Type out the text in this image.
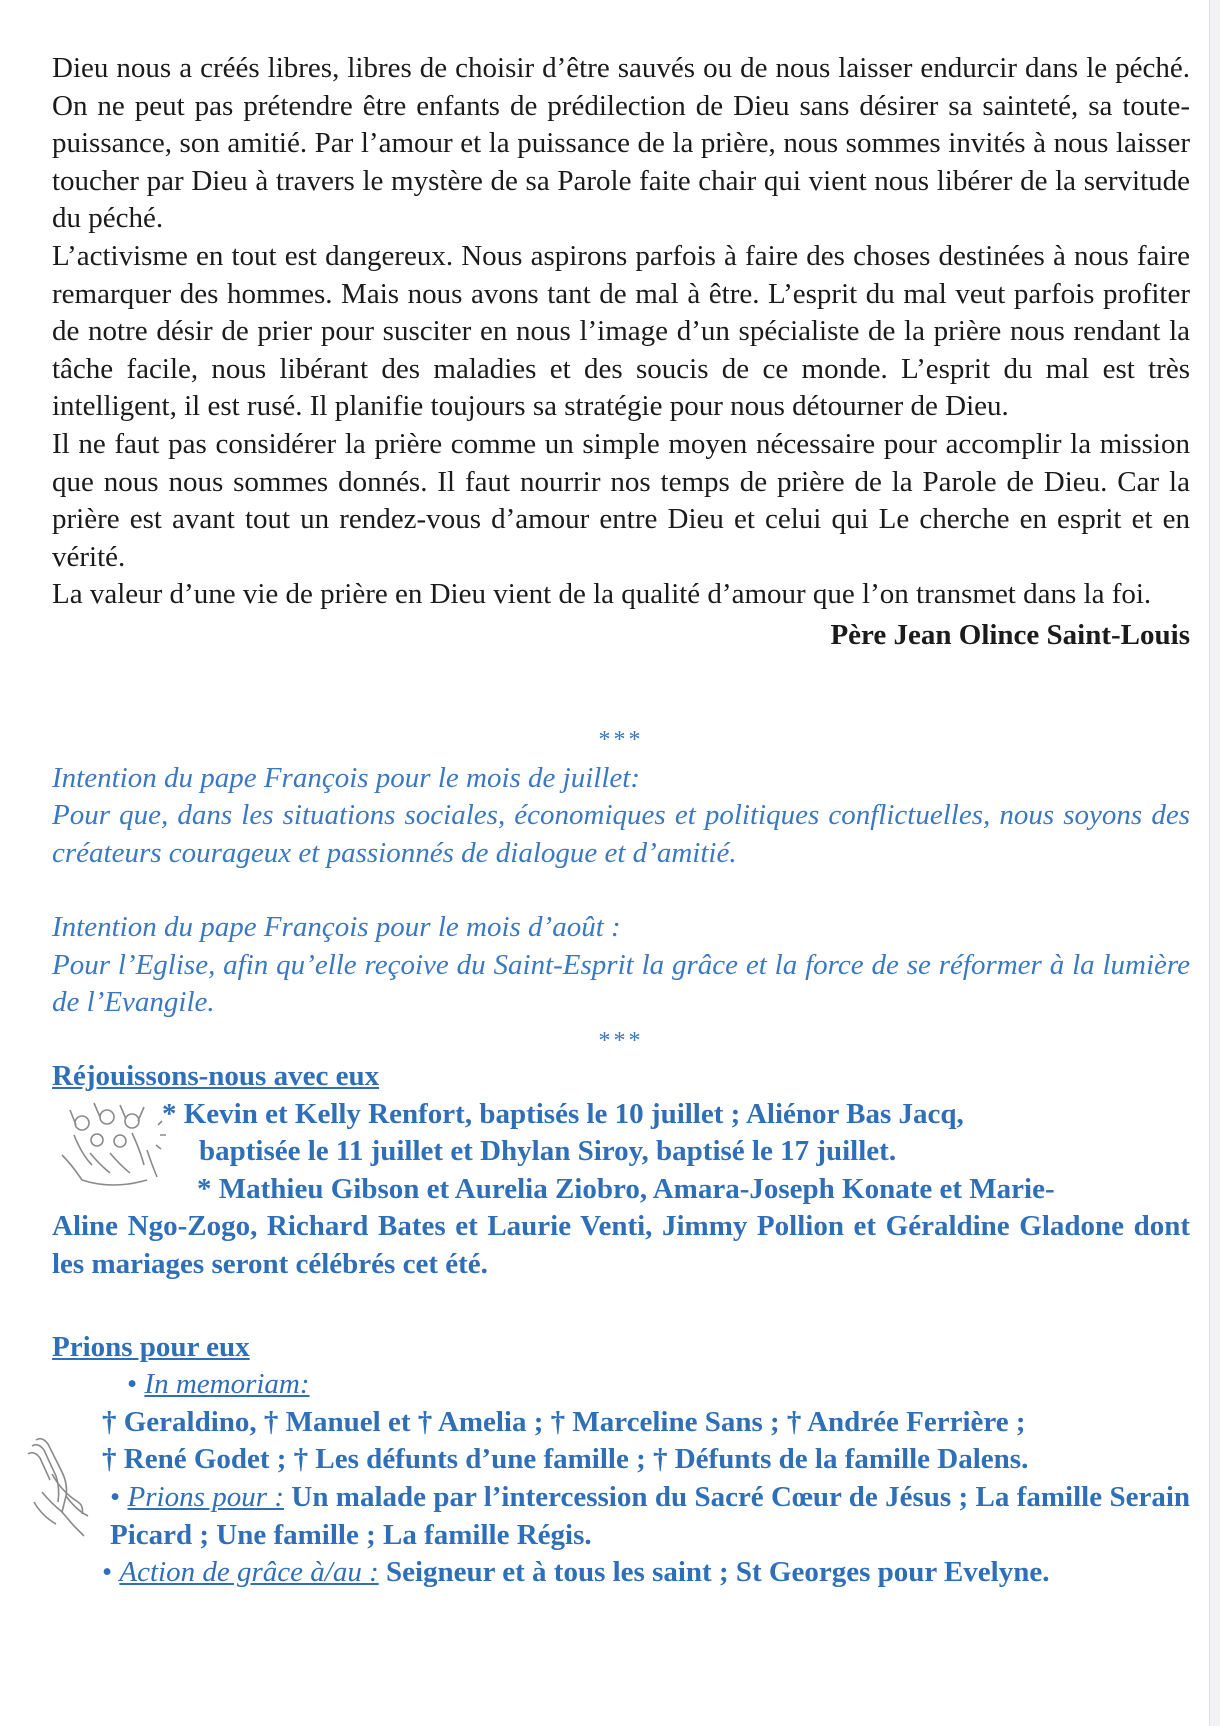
Dieu nous a créés libres, libres de choisir d’être sauvés ou de nous laisser endurcir dans le péché. On ne peut pas prétendre être enfants de prédilection de Dieu sans désirer sa sainteté, sa toute-puissance, son amitié. Par l’amour et la puissance de la prière, nous sommes invités à nous laisser toucher par Dieu à travers le mystère de sa Parole faite chair qui vient nous libérer de la servitude du péché.

L’activisme en tout est dangereux. Nous aspirons parfois à faire des choses destinées à nous faire remarquer des hommes. Mais nous avons tant de mal à être. L’esprit du mal veut parfois profiter de notre désir de prier pour susciter en nous l’image d’un spécialiste de la prière nous rendant la tâche facile, nous libérant des maladies et des soucis de ce monde. L’esprit du mal est très intelligent, il est rusé. Il planifie toujours sa stratégie pour nous détourner de Dieu.

Il ne faut pas considérer la prière comme un simple moyen nécessaire pour accomplir la mission que nous nous sommes donnés. Il faut nourrir nos temps de prière de la Parole de Dieu. Car la prière est avant tout un rendez-vous d’amour entre Dieu et celui qui Le cherche en esprit et en vérité.

La valeur d’une vie de prière en Dieu vient de la qualité d’amour que l’on transmet dans la foi.

Père Jean Olince Saint-Louis
***

Intention du pape François pour le mois de juillet:

Pour que, dans les situations sociales, économiques et politiques conflictuelles, nous soyons des créateurs courageux et passionnés de dialogue et d’amitié.

Intention du pape François pour le mois d’août :

Pour l’Eglise, afin qu’elle reçoive du Saint-Esprit la grâce et la force de se réformer à la lumière de l’Evangile.

***
Réjouissons-nous avec eux
* Kevin et Kelly Renfort, baptisés le 10 juillet ; Aliénor Bas Jacq,
baptisée le 11 juillet et Dhylan Siroy, baptisé le 17 juillet.
* Mathieu Gibson et Aurelia Ziobro, Amara-Joseph Konate et Marie-
Aline Ngo-Zogo, Richard Bates et Laurie Venti, Jimmy Pollion et Géraldine Gladone dont les mariages seront célébrés cet été.
Prions pour eux
• In memoriam:
† Geraldino, † Manuel et † Amelia ; † Marceline Sans ; † Andrée Ferrière ;
† René Godet ; † Les défunts d’une famille ; † Défunts de la famille Dalens.
• Prions pour : Un malade par l’intercession du Sacré Cœur de Jésus ; La famille Serain Picard ; Une famille ; La famille Régis.
• Action de grâce à/au : Seigneur et à tous les saint ; St Georges pour Evelyne.
